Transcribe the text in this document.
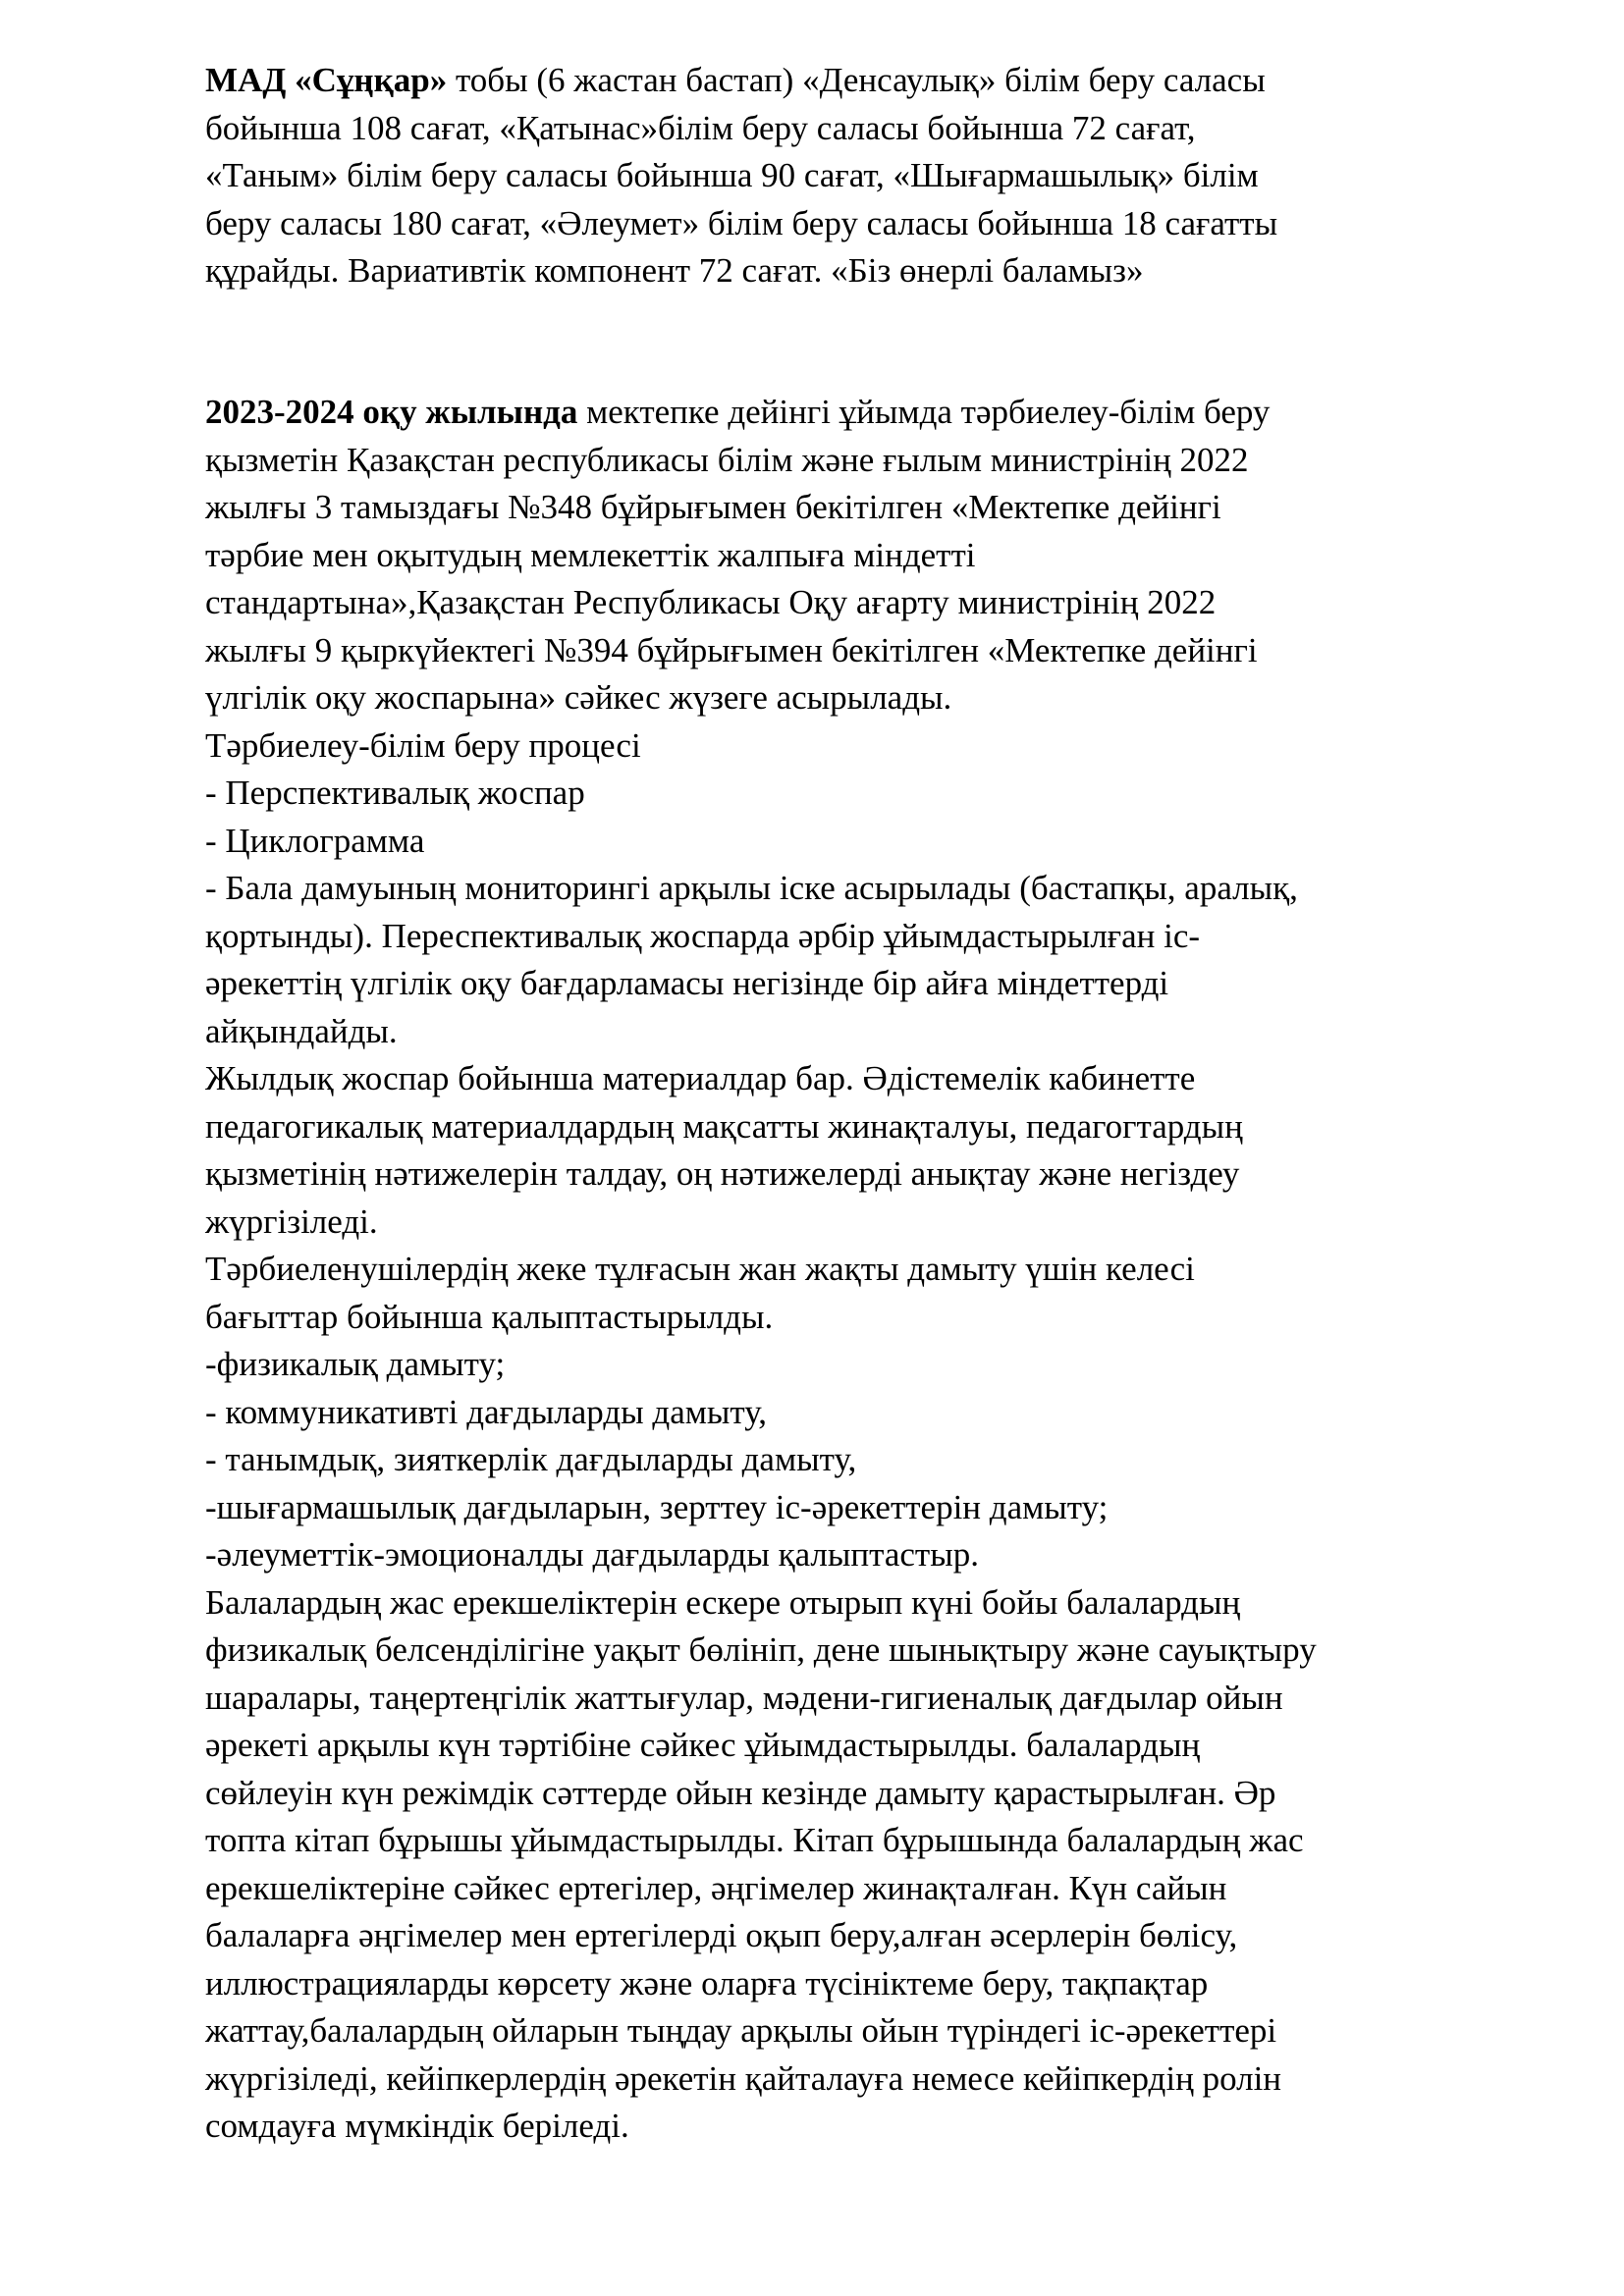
МАД «Сұңқар» тобы (6 жастан бастап) «Денсаулық» білім беру саласы
бойынша 108 сағат, «Қатынас»білім беру саласы бойынша 72 сағат,
«Таным» білім беру саласы бойынша 90 сағат, «Шығармашылық» білім
беру саласы 180 сағат, «Әлеумет» білім беру саласы бойынша 18 сағатты
құрайды. Вариативтік компонент 72 сағат. «Біз өнерлі баламыз»
2023-2024 оқу жылында мектепке дейінгі ұйымда тәрбиелеу-білім беру
қызметін Қазақстан республикасы білім және ғылым министрінің 2022
жылғы 3 тамыздағы №348 бұйрығымен бекітілген «Мектепке дейінгі
тәрбие мен оқытудың мемлекеттік жалпыға міндетті
стандартына»,Қазақстан Республикасы Оқу ағарту министрінің 2022
жылғы 9 қыркүйектегі №394 бұйрығымен бекітілген «Мектепке дейінгі
үлгілік оқу жоспарына» сәйкес жүзеге асырылады.
Тәрбиелеу-білім беру процесі
- Перспективалық жоспар
- Циклограмма
- Бала дамуының мониторингі арқылы іске асырылады (бастапқы, аралық,
қортынды). Переспективалық жоспарда әрбір ұйымдастырылған іс-
әрекеттің үлгілік оқу бағдарламасы негізінде бір айға міндеттерді
айқындайды.
Жылдық жоспар бойынша материалдар бар. Әдістемелік кабинетте
педагогикалық материалдардың мақсатты жинақталуы, педагогтардың
қызметінің нәтижелерін талдау, оң нәтижелерді анықтау және негіздеу
жүргізіледі.
Тәрбиеленушілердің жеке тұлғасын жан жақты дамыту үшін келесі
бағыттар бойынша қалыптастырылды.
-физикалық дамыту;
- коммуникативті дағдыларды дамыту,
- танымдық, зияткерлік дағдыларды дамыту,
-шығармашылық дағдыларын, зерттеу іс-әрекеттерін дамыту;
-әлеуметтік-эмоционалды дағдыларды қалыптастыр.
Балалардың жас ерекшеліктерін ескере отырып күні бойы балалардың
физикалық белсенділігіне уақыт бөлініп, дене шынықтыру және сауықтыру
шаралары, таңертеңгілік жаттығулар, мәдени-гигиеналық дағдылар ойын
әрекеті арқылы күн тәртібіне сәйкес ұйымдастырылды. балалардың
сөйлеуін күн режімдік сәттерде ойын кезінде дамыту қарастырылған. Әр
топта кітап бұрышы ұйымдастырылды. Кітап бұрышында балалардың жас
ерекшеліктеріне сәйкес ертегілер, әңгімелер жинақталған. Күн сайын
балаларға әңгімелер мен ертегілерді оқып беру,алған әсерлерін бөлісу,
иллюстрацияларды көрсету және оларға түсініктеме беру, тақпақтар
жаттау,балалардың ойларын тыңдау арқылы ойын түріндегі іс-әрекеттері
жүргізіледі, кейіпкерлердің әрекетін қайталауға немесе кейіпкердің ролін
сомдауға мүмкіндік беріледі.
